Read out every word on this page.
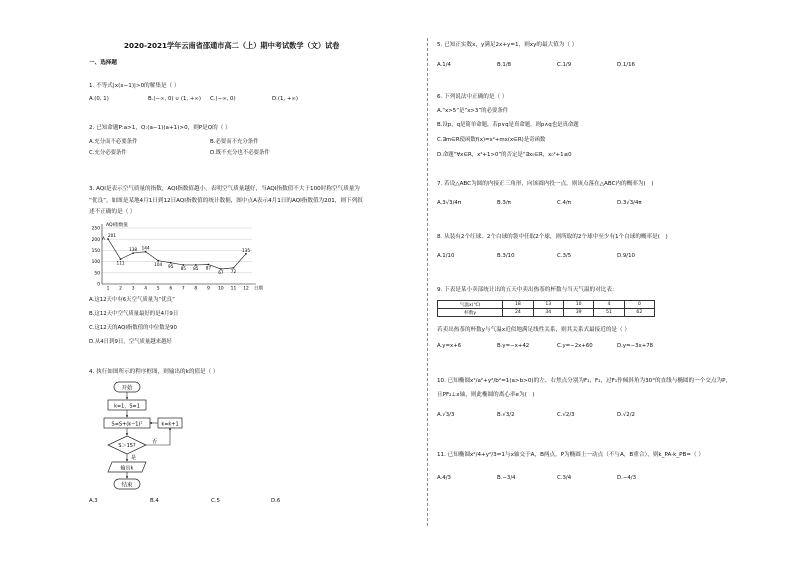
2020-2021学年云南省邵通市高二（上）期中考试数学（文）试卷
一、选择题
1. 不等式|x(x−1)|>0的解集是（ ）
A.(0, 1)	B.(−∞, 0) ∪ (1, +∞) C.(−∞, 0)	D.(1, +∞)
2. 已知命题P:a>1，Q:(a−1)(a+1)>0，则P是Q的（ ）
A.充分而不必要条件	B.必要而不充分条件
C.充分必要条件	D.既不充分也不必要条件
3. AQI是表示空气质量的指数，AQI指数值越小，表明空气质量越好，当AQI指数值不大于100时称空气质量为
“优良”。如图是某地4月1日到12日AQI指数值的统计数据，图中点A表示4月1日的AQI指数值为201，则下列叙
述不正确的是（ ）
250
200
150
100
50
0
AQI指数值
1 2 3 4 5 6 7 8 9 10 11 12 日期
201
111
138 144
104 95 85 85 87
67 72
135
A
A.这12天中有6天空气质量为“优良”
B.这12天中空气质量最好的是4月9日
C.这12天的AQI指数值的中位数是90
D.从4日到9日，空气质量越来越好
4. 执行如图所示的程序框图，则输出的k的值是（ ）
开始
k=1，S=1
S=S+(k−1)²	k=k+1
S＞15?
否
是
输出k
结束
A.3	B.4	C.5	D.6
5. 已知正实数x，y满足2x+y=1，则xy的最大值为（ ）
A.1/4	B.1/8	C.1/9	D.1/16
6. 下列说法中正确的是（ ）
A.“x>5”是“x>3”的必要条件
B.设p，q是简单命题，若p∨q是真命题，则p∧q也是真命题
C.∃m∈R使函数f(x)=x²+mx(x∈R)是奇函数
D.命题“∀x∈R，x²+1>0”的否定是“∃x₀∈R，x₀²+1≤0
7. 若设△ABC为圆的内接正三角形，向该圆内投一点，则该点落在△ABC内的概率为(　)
A.3√3/4π	B.3/π	C.4/π	D.3√3/4π
8. 从装有2个红球、2个白球的袋中任取2个球，则所取的2个球中至少有1个白球的概率是(　)
A.1/10	B.3/10	C.3/5	D.9/10
9. 下表是某小卖部统计出的五天中卖出热茶的杯数与当天气温的对比表：
气温x(℃)	18	13	10	4	0
杯数y	24	34	39	51	62
若卖出热茶的杯数y与气温x近似地满足线性关系，则其关系式最接近的是（ ）
A.y=x+6	B.y=−x+42	C.y=−2x+60	D.y=−3x+78
10. 已知椭圆x²/a²+y²/b²=1(a>b>0)的左、右焦点分别为F₁，F₂，过F₁作倾斜角为30°的直线与椭圆的一个交点为P，
且PF₂⊥x轴，则此椭圆的离心率e为(　)
A.√3/3	B.√3/2	C.√2/3	D.√2/2
11. 已知椭圆x²/4+y²/3=1与x轴交于A，B两点，P为椭圆上一动点（不与A，B重合），则k_PA·k_PB=（ ）
A.4/3	B.−3/4	C.3/4	D.−4/3
